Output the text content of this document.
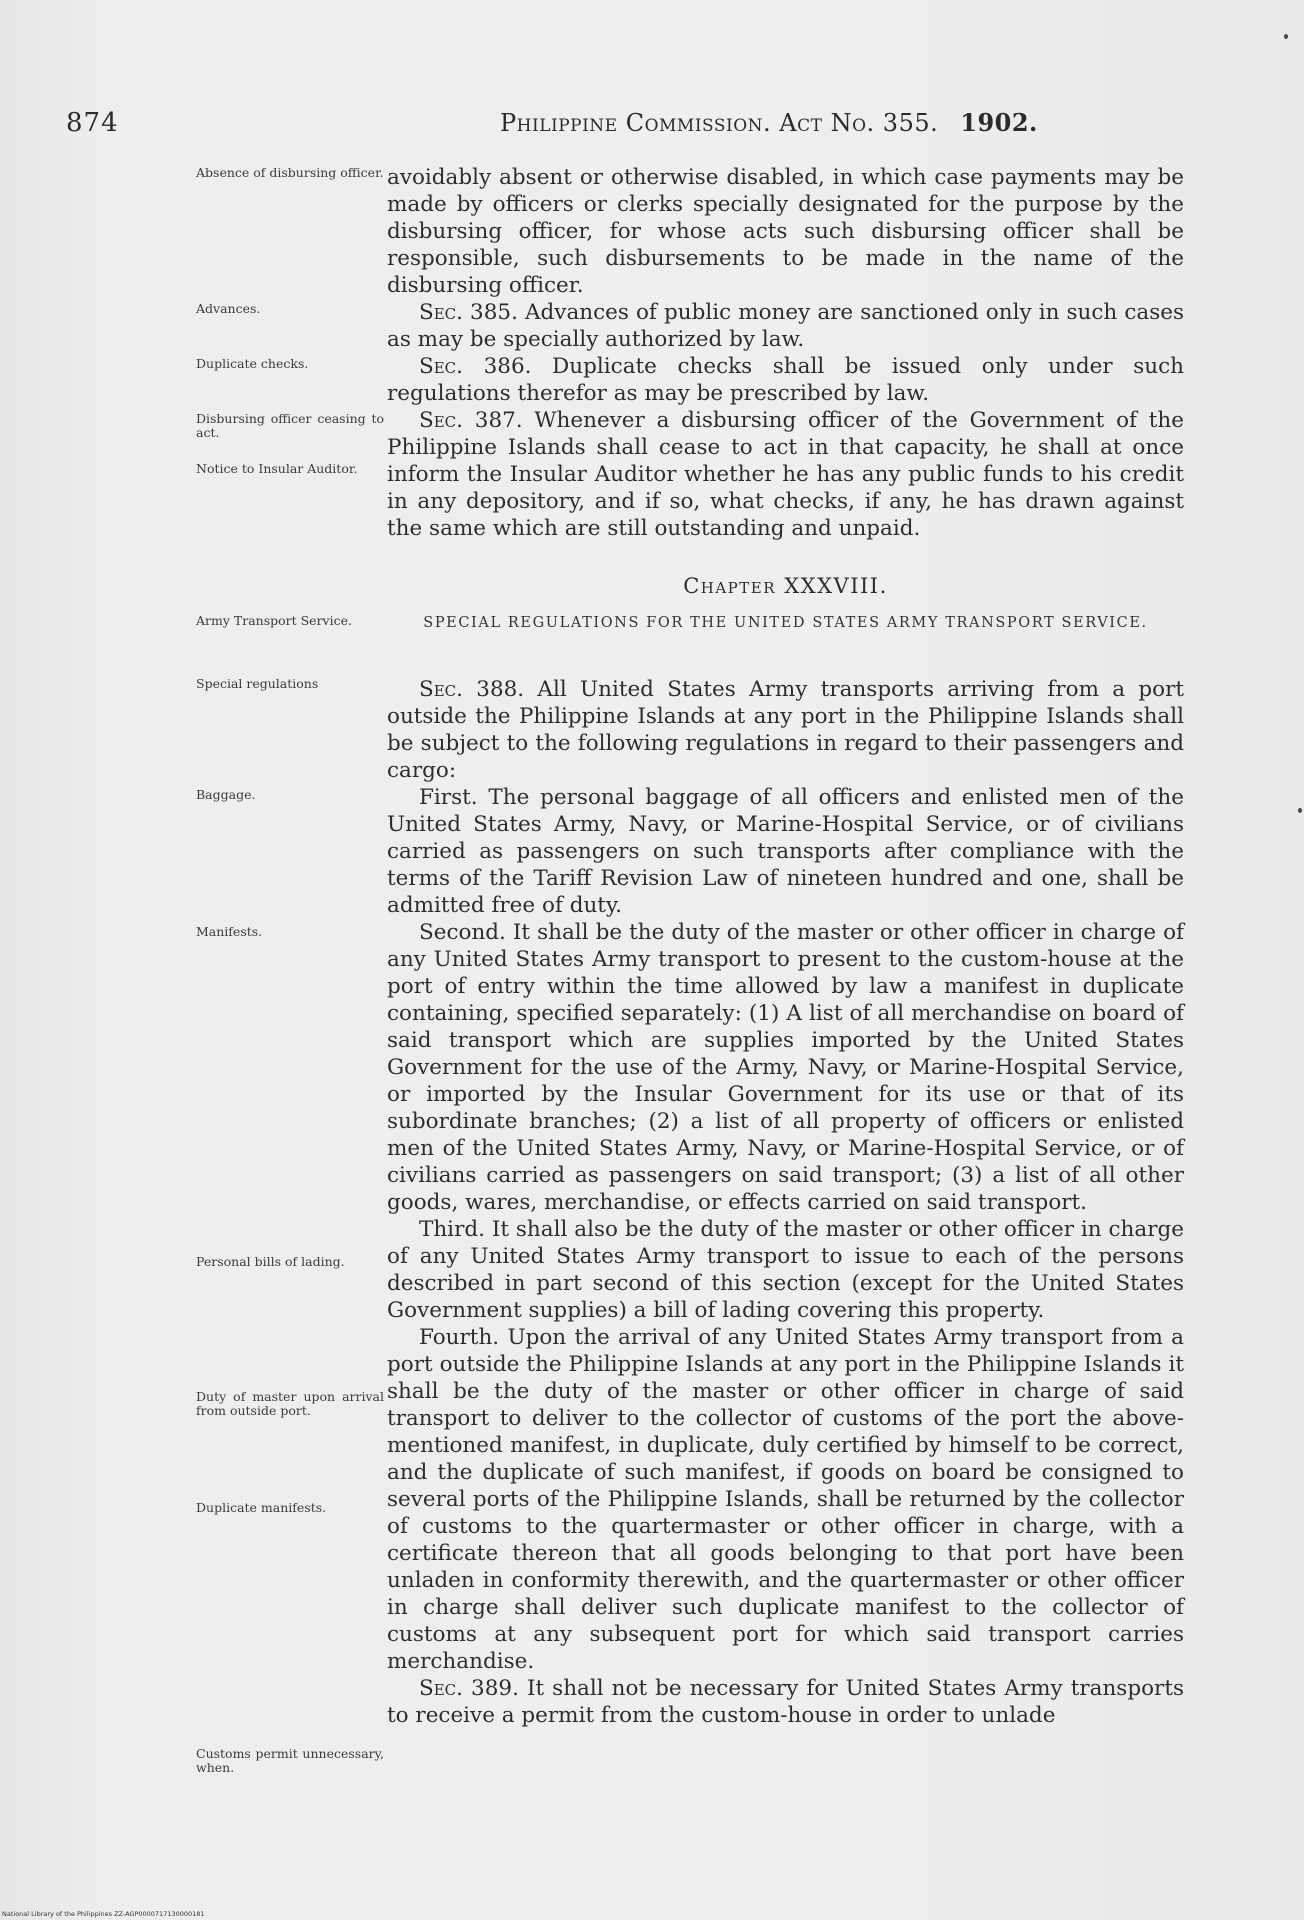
874	Philippine Commission. Act No. 355. 1902.
Absence of disbursing officer.
Advances.
Duplicate checks.
Disbursing officer ceasing to act.
Notice to Insular Auditor.
Army Transport Service.
Special regulations
Baggage.
Manifests.
Personal bills of lading.
Duty of master upon arrival from outside port.
Duplicate manifests.
Customs permit unnecessary, when.

avoidably absent or otherwise disabled, in which case payments may be made by officers or clerks specially designated for the purpose by the disbursing officer, for whose acts such disbursing officer shall be responsible, such disbursements to be made in the name of the disbursing officer.

Sec. 385. Advances of public money are sanctioned only in such cases as may be specially authorized by law.

Sec. 386. Duplicate checks shall be issued only under such regulations therefor as may be prescribed by law.

Sec. 387. Whenever a disbursing officer of the Government of the Philippine Islands shall cease to act in that capacity, he shall at once inform the Insular Auditor whether he has any public funds to his credit in any depository, and if so, what checks, if any, he has drawn against the same which are still outstanding and unpaid.

Chapter XXXVIII.
SPECIAL REGULATIONS FOR THE UNITED STATES ARMY TRANSPORT SERVICE.

Sec. 388. All United States Army transports arriving from a port outside the Philippine Islands at any port in the Philippine Islands shall be subject to the following regulations in regard to their passengers and cargo:

First. The personal baggage of all officers and enlisted men of the United States Army, Navy, or Marine-Hospital Service, or of civilians carried as passengers on such transports after compliance with the terms of the Tariff Revision Law of nineteen hundred and one, shall be admitted free of duty.

Second. It shall be the duty of the master or other officer in charge of any United States Army transport to present to the custom-house at the port of entry within the time allowed by law a manifest in duplicate containing, specified separately: (1) A list of all merchandise on board of said transport which are supplies imported by the United States Government for the use of the Army, Navy, or Marine-Hospital Service, or imported by the Insular Government for its use or that of its subordinate branches; (2) a list of all property of officers or enlisted men of the United States Army, Navy, or Marine-Hospital Service, or of civilians carried as passengers on said transport; (3) a list of all other goods, wares, merchandise, or effects carried on said transport.

Third. It shall also be the duty of the master or other officer in charge of any United States Army transport to issue to each of the persons described in part second of this section (except for the United States Government supplies) a bill of lading covering this property.

Fourth. Upon the arrival of any United States Army transport from a port outside the Philippine Islands at any port in the Philippine Islands it shall be the duty of the master or other officer in charge of said transport to deliver to the collector of customs of the port the above-mentioned manifest, in duplicate, duly certified by himself to be correct, and the duplicate of such manifest, if goods on board be consigned to several ports of the Philippine Islands, shall be returned by the collector of customs to the quartermaster or other officer in charge, with a certificate thereon that all goods belonging to that port have been unladen in conformity therewith, and the quartermaster or other officer in charge shall deliver such duplicate manifest to the collector of customs at any subsequent port for which said transport carries merchandise.

Sec. 389. It shall not be necessary for United States Army transports to receive a permit from the custom-house in order to unlade

National Library of the Philippines ZZ-AGP0000717130000181
